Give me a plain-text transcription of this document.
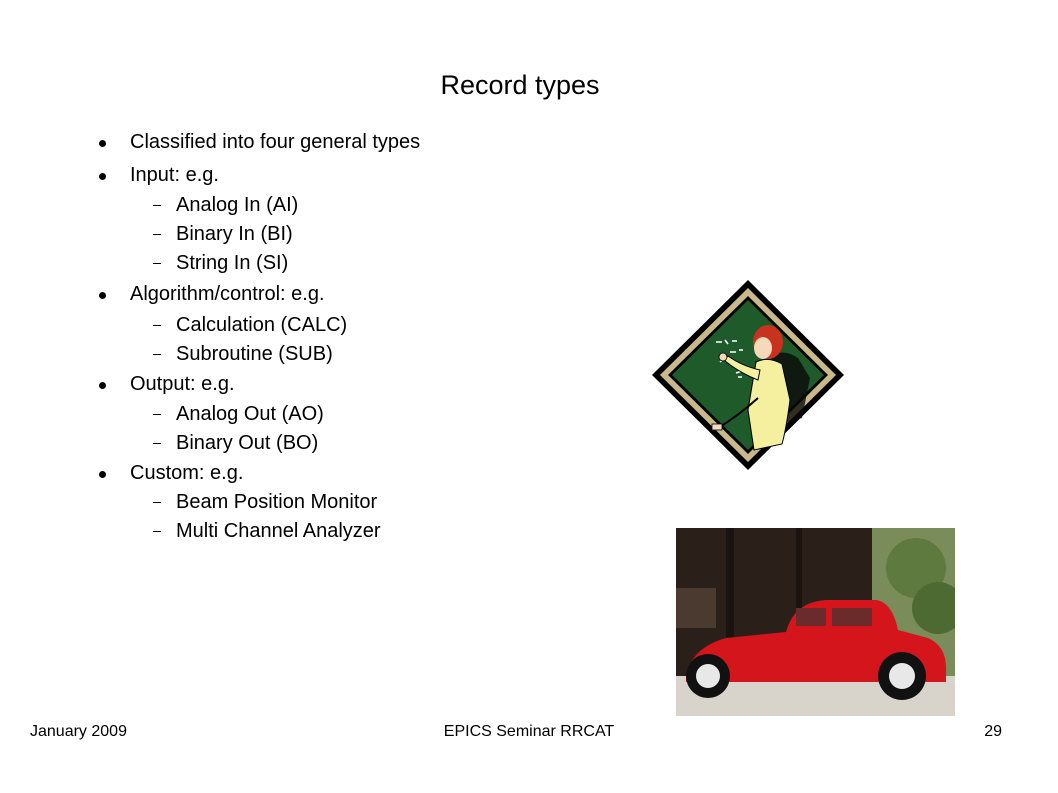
Record types
Classified into four general types
Input: e.g.
Analog In (AI)
Binary In (BI)
String In (SI)
Algorithm/control: e.g.
Calculation (CALC)
Subroutine (SUB)
Output: e.g.
Analog Out (AO)
Binary Out (BO)
Custom: e.g.
Beam Position Monitor
Multi Channel Analyzer
January 2009	EPICS Seminar RRCAT	29
